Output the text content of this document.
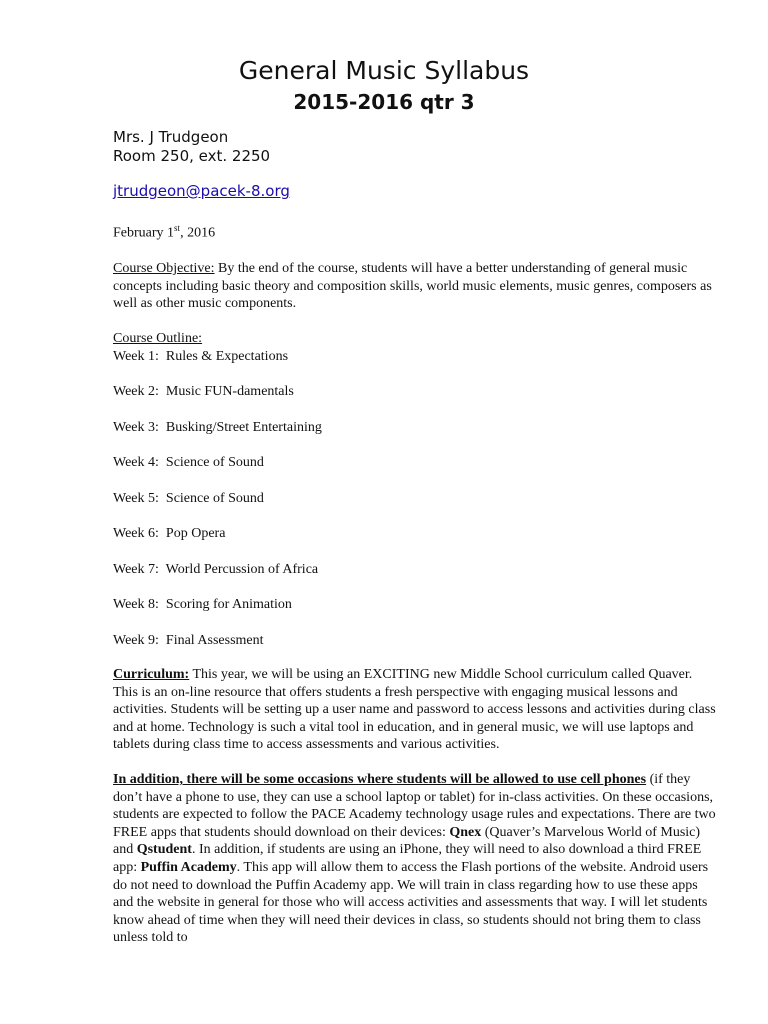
General Music Syllabus
2015-2016 qtr 3
Mrs. J Trudgeon
Room 250, ext. 2250
jtrudgeon@pacek-8.org
February 1st, 2016

Course Objective: By the end of the course, students will have a better understanding of general music concepts including basic theory and composition skills, world music elements, music genres, composers as well as other music components.

Course Outline:
Week 1: Rules & Expectations
Week 2: Music FUN-damentals
Week 3: Busking/Street Entertaining
Week 4: Science of Sound
Week 5: Science of Sound
Week 6: Pop Opera
Week 7: World Percussion of Africa
Week 8: Scoring for Animation
Week 9: Final Assessment

Curriculum: This year, we will be using an EXCITING new Middle School curriculum called Quaver. This is an on-line resource that offers students a fresh perspective with engaging musical lessons and activities. Students will be setting up a user name and password to access lessons and activities during class and at home. Technology is such a vital tool in education, and in general music, we will use laptops and tablets during class time to access assessments and various activities.

In addition, there will be some occasions where students will be allowed to use cell phones (if they don’t have a phone to use, they can use a school laptop or tablet) for in-class activities. On these occasions, students are expected to follow the PACE Academy technology usage rules and expectations. There are two FREE apps that students should download on their devices: Qnex (Quaver’s Marvelous World of Music) and Qstudent. In addition, if students are using an iPhone, they will need to also download a third FREE app: Puffin Academy. This app will allow them to access the Flash portions of the website. Android users do not need to download the Puffin Academy app. We will train in class regarding how to use these apps and the website in general for those who will access activities and assessments that way. I will let students know ahead of time when they will need their devices in class, so students should not bring them to class unless told to
